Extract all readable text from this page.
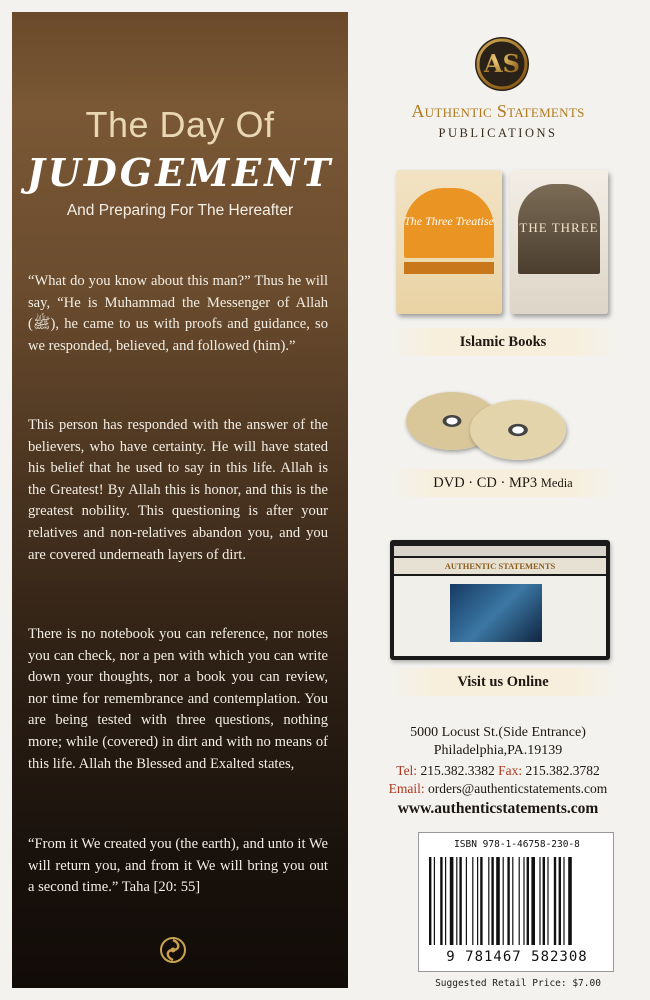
The Day Of
JUDGEMENT
And Preparing For The Hereafter
“What do you know about this man?” Thus he will say, “He is Muhammad the Messenger of Allah (ﷺ), he came to us with proofs and guidance, so we responded, believed, and followed (him).”
This person has responded with the answer of the believers, who have certainty. He will have stated his belief that he used to say in this life. Allah is the Greatest! By Allah this is honor, and this is the greatest nobility. This questioning is after your relatives and non-relatives abandon you, and you are covered underneath layers of dirt.
There is no notebook you can reference, nor notes you can check, nor a pen with which you can write down your thoughts, nor a book you can review, nor time for remembrance and contemplation. You are being tested with three questions, nothing more; while (covered) in dirt and with no means of this life. Allah the Blessed and Exalted states,
“From it We created you (the earth), and unto it We will return you, and from it We will bring you out a second time.” Taha [20: 55]
AS
Authentic Statements
PUBLICATIONS
The Three Treatise THE THREE
Islamic Books
DVD · CD · MP3 Media
AUTHENTIC STATEMENTS
Visit us Online
5000 Locust St.(Side Entrance)
Philadelphia,PA.19139
Tel: 215.382.3382 Fax: 215.382.3782
Email: orders@authenticstatements.com
www.authenticstatements.com
ISBN 978-1-46758-230-8
9 781467 582308
Suggested Retail Price: $7.00
